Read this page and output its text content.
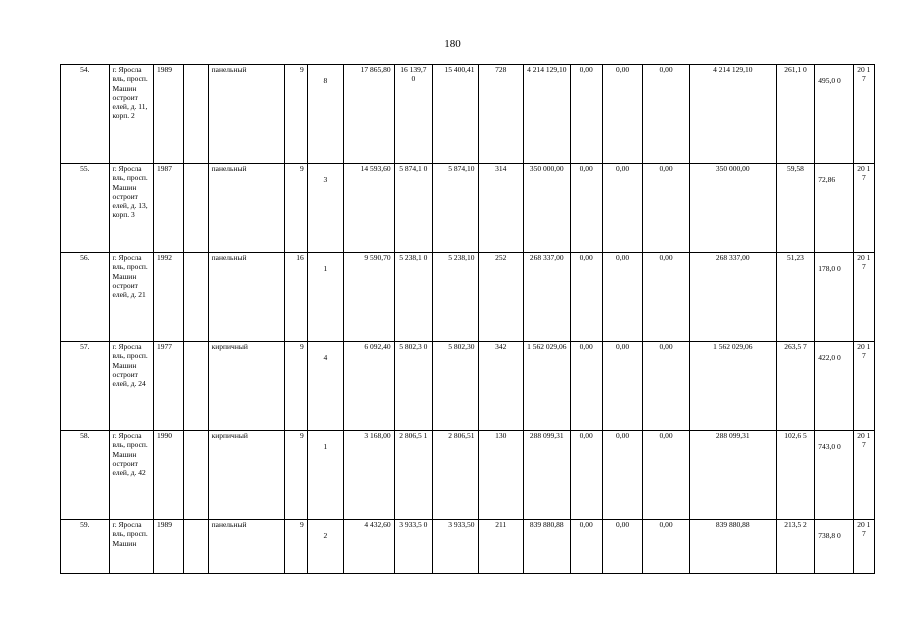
180
54.	г. Яросла вль, просп. Машин остроит елей, д. 11, корп. 2	1989		панельный	9	8	17 865,80	16 139,7 0	15 400,41	728	4 214 129,10	0,00	0,00	0,00	4 214 129,10	261,1 0	495,0 0	20 17
55.	г. Яросла вль, просп. Машин остроит елей, д. 13, корп. 3	1987		панельный	9	3	14 593,60	5 874,1 0	5 874,10	314	350 000,00	0,00	0,00	0,00	350 000,00	59,58	72,86	20 17
56.	г. Яросла вль, просп. Машин остроит елей, д. 21	1992		панельный	16	1	9 590,70	5 238,1 0	5 238,10	252	268 337,00	0,00	0,00	0,00	268 337,00	51,23	178,0 0	20 17
57.	г. Яросла вль, просп. Машин остроит елей, д. 24	1977		кирпичный	9	4	6 092,40	5 802,3 0	5 802,30	342	1 562 029,06	0,00	0,00	0,00	1 562 029,06	263,5 7	422,0 0	20 17
58.	г. Яросла вль, просп. Машин остроит елей, д. 42	1990		кирпичный	9	1	3 168,00	2 806,5 1	2 806,51	130	288 099,31	0,00	0,00	0,00	288 099,31	102,6 5	743,0 0	20 17
59.	г. Яросла вль, просп. Машин	1989		панельный	9	2	4 432,60	3 933,5 0	3 933,50	211	839 880,88	0,00	0,00	0,00	839 880,88	213,5 2	738,8 0	20 17
